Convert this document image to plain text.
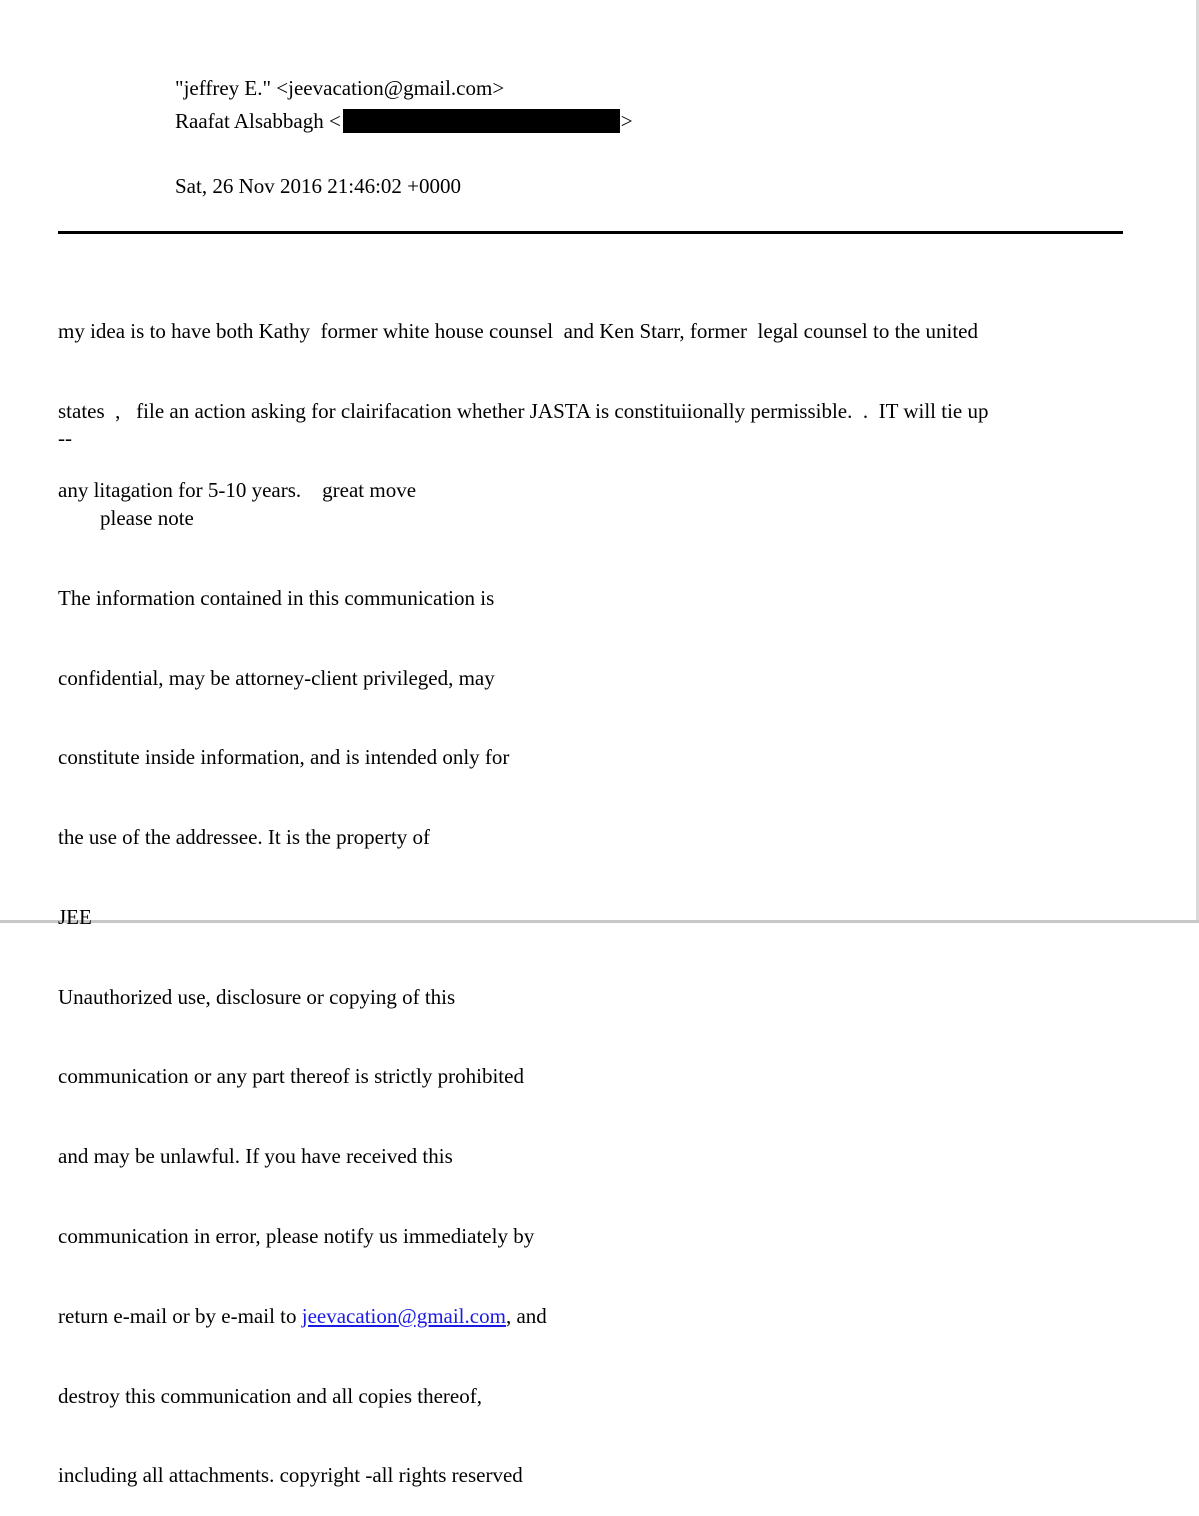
"jeffrey E." <jeevacation@gmail.com>
Raafat Alsabbagh <	>
Sat, 26 Nov 2016 21:46:02 +0000

my idea is to have both Kathy  former white house counsel  and Ken Starr, former  legal counsel to the united

states  ,   file an action asking for clairifacation whether JASTA is constituiionally permissible.  .  IT will tie up

any litagation for 5-10 years.    great move

--

please note

The information contained in this communication is

confidential, may be attorney-client privileged, may

constitute inside information, and is intended only for

the use of the addressee. It is the property of

JEE

Unauthorized use, disclosure or copying of this

communication or any part thereof is strictly prohibited

and may be unlawful. If you have received this

communication in error, please notify us immediately by

return e-mail or by e-mail to jeevacation@gmail.com, and

destroy this communication and all copies thereof,

including all attachments. copyright -all rights reserved
